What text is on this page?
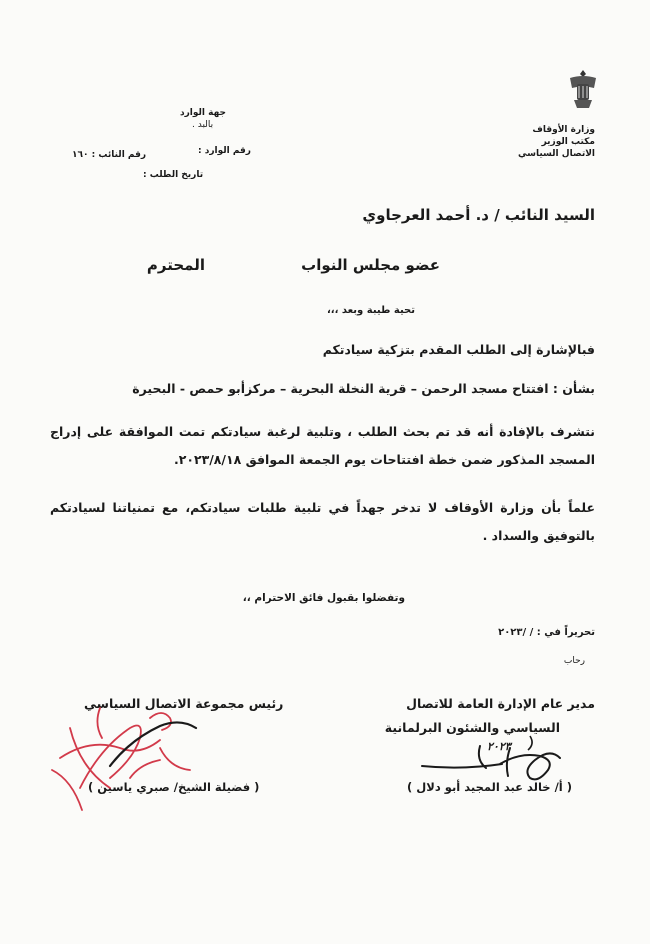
وزارة الأوقاف
مكتب الوزير
الاتصال السياسي
جهة الوارد
بالبد .
رقم الوارد :
رقم النائب : ١٦٠
تاريخ الطلب :
السيد النائب / د. أحمد العرجاوي
عضو مجلس النواب
المحترم
تحية طيبة وبعد ،،،
فبالإشارة إلى الطلب المقدم بتزكية سيادتكم
بشأن : افتتاح مسجد الرحمن – قرية النخلة البحرية – مركزأبو حمص - البحيرة
نتشرف بالإفادة أنه قد تم بحث الطلب ، وتلبية لرغبة سيادتكم تمت الموافقة على إدراج المسجد المذكور ضمن خطة افتتاحات يوم الجمعة الموافق ٢٠٢٣/٨/١٨.
علماً بأن وزارة الأوقاف لا تدخر جهداً في تلبية طلبات سيادتكم، مع تمنياتنا لسيادتكم بالتوفيق والسداد .
وتفضلوا بقبول فائق الاحترام ،،
تحريراً في : / /٢٠٢٣
رحاب
مدير عام الإدارة العامة للاتصال
السياسي والشئون البرلمانية
( أ/ خالد عبد المجيد أبو دلال )
٢٠٢٣
رئيس مجموعة الاتصال السياسي
( فضيلة الشيخ/ صبري ياسين )
